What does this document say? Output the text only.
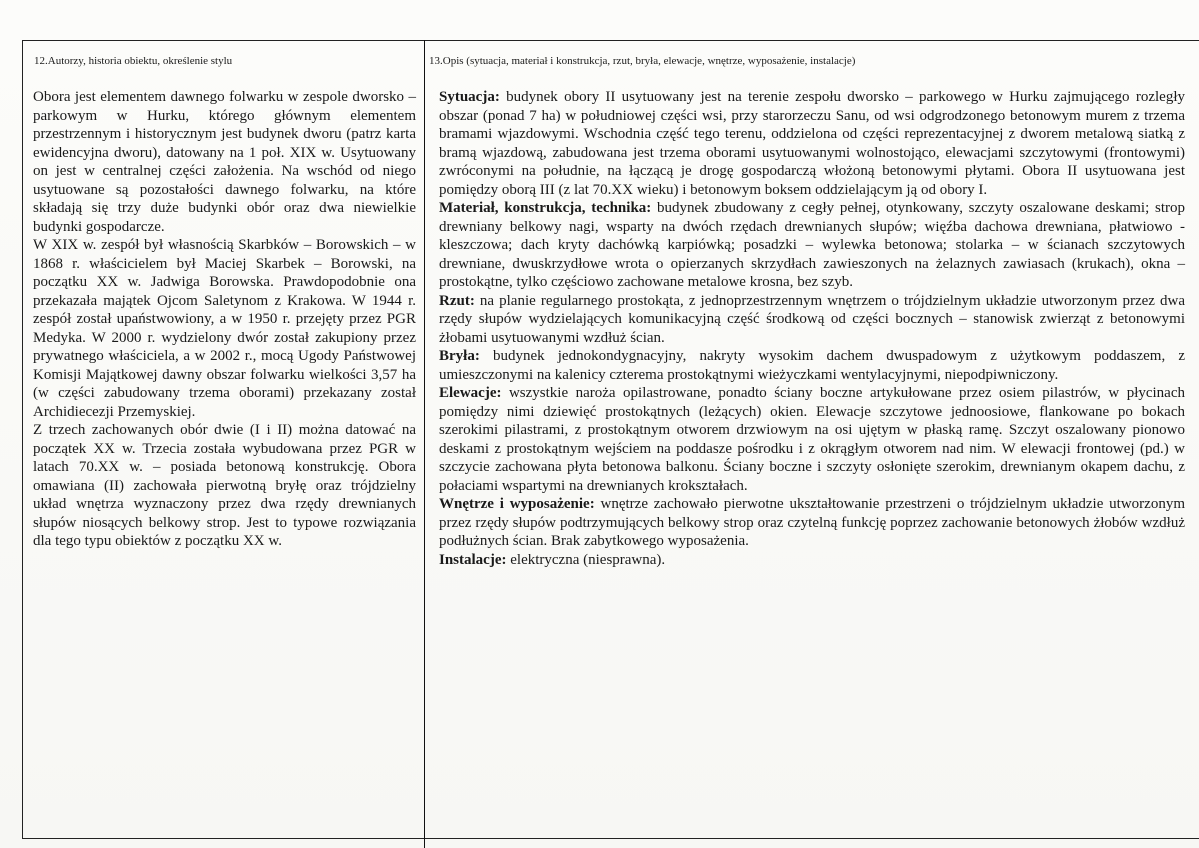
12.Autorzy, historia obiektu, określenie stylu	13.Opis (sytuacja, materiał i konstrukcja, rzut, bryła, elewacje, wnętrze, wyposażenie, instalacje)

Obora jest elementem dawnego folwarku w zespole dworsko – parkowym w Hurku, którego głównym elementem przestrzennym i historycznym jest budynek dworu (patrz karta ewidencyjna dworu), datowany na 1 poł. XIX w. Usytuowany on jest w centralnej części założenia. Na wschód od niego usytuowane są pozostałości dawnego folwarku, na które składają się trzy duże budynki obór oraz dwa niewielkie budynki gospodarcze.

W XIX w. zespół był własnością Skarbków – Borowskich – w 1868 r. właścicielem był Maciej Skarbek – Borowski, na początku XX w. Jadwiga Borowska. Prawdopodobnie ona przekazała majątek Ojcom Saletynom z Krakowa. W 1944 r. zespół został upaństwowiony, a w 1950 r. przejęty przez PGR Medyka. W 2000 r. wydzielony dwór został zakupiony przez prywatnego właściciela, a w 2002 r., mocą Ugody Państwowej Komisji Majątkowej dawny obszar folwarku wielkości 3,57 ha (w części zabudowany trzema oborami) przekazany został Archidiecezji Przemyskiej.

Z trzech zachowanych obór dwie (I i II) można datować na początek XX w. Trzecia została wybudowana przez PGR w latach 70.XX w. – posiada betonową konstrukcję. Obora omawiana (II) zachowała pierwotną bryłę oraz trójdzielny układ wnętrza wyznaczony przez dwa rzędy drewnianych słupów niosących belkowy strop. Jest to typowe rozwiązania dla tego typu obiektów z początku XX w.

Sytuacja: budynek obory II usytuowany jest na terenie zespołu dworsko – parkowego w Hurku zajmującego rozległy obszar (ponad 7 ha) w południowej części wsi, przy starorzeczu Sanu, od wsi odgrodzonego betonowym murem z trzema bramami wjazdowymi. Wschodnia część tego terenu, oddzielona od części reprezentacyjnej z dworem metalową siatką z bramą wjazdową, zabudowana jest trzema oborami usytuowanymi wolnostojąco, elewacjami szczytowymi (frontowymi) zwróconymi na południe, na łączącą je drogę gospodarczą włożoną betonowymi płytami. Obora II usytuowana jest pomiędzy oborą III (z lat 70.XX wieku) i betonowym boksem oddzielającym ją od obory I.

Materiał, konstrukcja, technika: budynek zbudowany z cegły pełnej, otynkowany, szczyty oszalowane deskami; strop drewniany belkowy nagi, wsparty na dwóch rzędach drewnianych słupów; więźba dachowa drewniana, płatwiowo - kleszczowa; dach kryty dachówką karpiówką; posadzki – wylewka betonowa; stolarka – w ścianach szczytowych drewniane, dwuskrzydłowe wrota o opierzanych skrzydłach zawieszonych na żelaznych zawiasach (krukach), okna – prostokątne, tylko częściowo zachowane metalowe krosna, bez szyb.

Rzut: na planie regularnego prostokąta, z jednoprzestrzennym wnętrzem o trójdzielnym układzie utworzonym przez dwa rzędy słupów wydzielających komunikacyjną część środkową od części bocznych – stanowisk zwierząt z betonowymi żłobami usytuowanymi wzdłuż ścian.

Bryła: budynek jednokondygnacyjny, nakryty wysokim dachem dwuspadowym z użytkowym poddaszem, z umieszczonymi na kalenicy czterema prostokątnymi wieżyczkami wentylacyjnymi, niepodpiwniczony.

Elewacje: wszystkie naroża opilastrowane, ponadto ściany boczne artykułowane przez osiem pilastrów, w płycinach pomiędzy nimi dziewięć prostokątnych (leżących) okien. Elewacje szczytowe jednoosiowe, flankowane po bokach szerokimi pilastrami, z prostokątnym otworem drzwiowym na osi ujętym w płaską ramę. Szczyt oszalowany pionowo deskami z prostokątnym wejściem na poddasze pośrodku i z okrągłym otworem nad nim. W elewacji frontowej (pd.) w szczycie zachowana płyta betonowa balkonu. Ściany boczne i szczyty osłonięte szerokim, drewnianym okapem dachu, z połaciami wspartymi na drewnianych krokształach.

Wnętrze i wyposażenie: wnętrze zachowało pierwotne ukształtowanie przestrzeni o trójdzielnym układzie utworzonym przez rzędy słupów podtrzymujących belkowy strop oraz czytelną funkcję poprzez zachowanie betonowych żłobów wzdłuż podłużnych ścian. Brak zabytkowego wyposażenia.

Instalacje: elektryczna (niesprawna).
